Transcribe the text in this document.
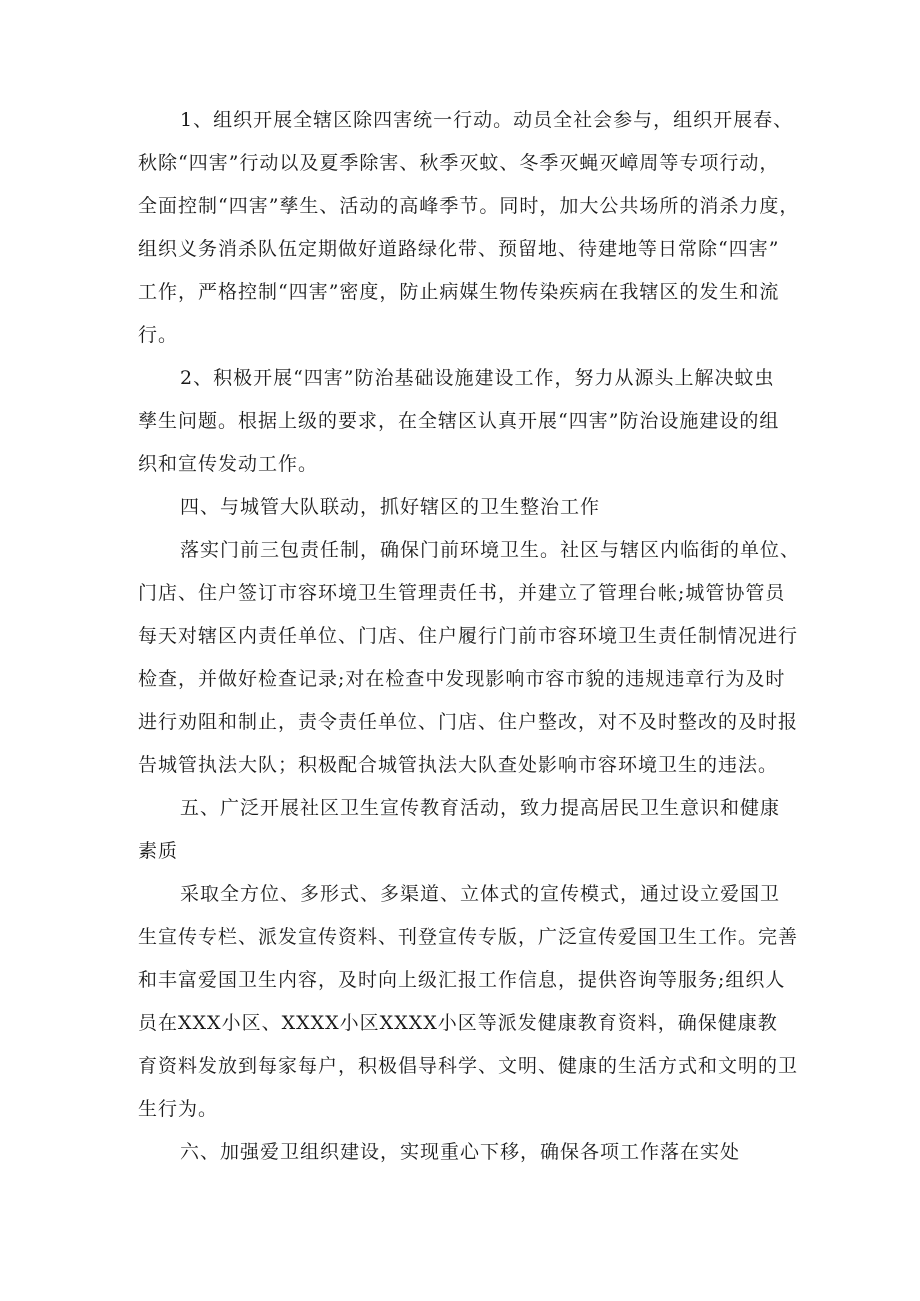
1、组织开展全辖区除四害统一行动。动员全社会参与，组织开展春、
秋除“四害”行动以及夏季除害、秋季灭蚊、冬季灭蝇灭嶂周等专项行动，
全面控制“四害”孳生、活动的高峰季节。同时，加大公共场所的消杀力度，
组织义务消杀队伍定期做好道路绿化带、预留地、待建地等日常除“四害”
工作，严格控制“四害”密度，防止病媒生物传染疾病在我辖区的发生和流
行。
2、积极开展“四害”防治基础设施建设工作，努力从源头上解决蚊虫
孳生问题。根据上级的要求，在全辖区认真开展“四害”防治设施建设的组
织和宣传发动工作。
四、与城管大队联动，抓好辖区的卫生整治工作
落实门前三包责任制，确保门前环境卫生。社区与辖区内临街的单位、
门店、住户签订市容环境卫生管理责任书，并建立了管理台帐;城管协管员
每天对辖区内责任单位、门店、住户履行门前市容环境卫生责任制情况进行
检查，并做好检查记录;对在检查中发现影响市容市貌的违规违章行为及时
进行劝阻和制止，责令责任单位、门店、住户整改，对不及时整改的及时报
告城管执法大队；积极配合城管执法大队查处影响市容环境卫生的违法。
五、广泛开展社区卫生宣传教育活动，致力提高居民卫生意识和健康
素质
采取全方位、多形式、多渠道、立体式的宣传模式，通过设立爱国卫
生宣传专栏、派发宣传资料、刊登宣传专版，广泛宣传爱国卫生工作。完善
和丰富爱国卫生内容，及时向上级汇报工作信息，提供咨询等服务;组织人
员在XXX小区、XXXX小区XXXX小区等派发健康教育资料，确保健康教
育资料发放到每家每户，积极倡导科学、文明、健康的生活方式和文明的卫
生行为。
六、加强爱卫组织建设，实现重心下移，确保各项工作落在实处
